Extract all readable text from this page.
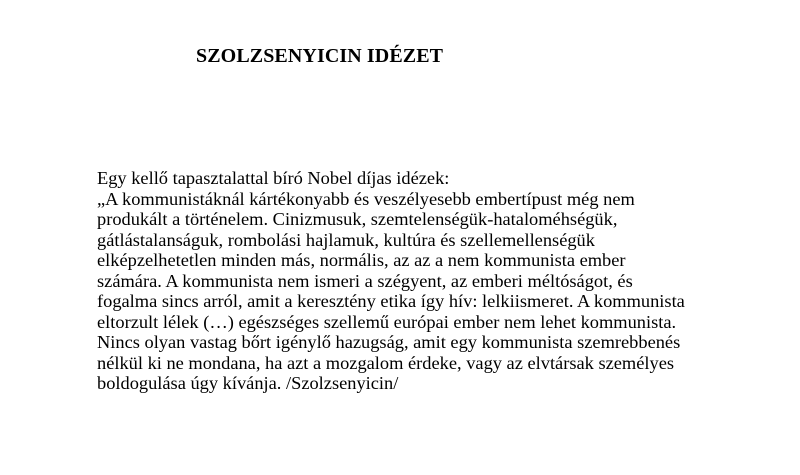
SZOLZSENYICIN IDÉZET
Egy kellő tapasztalattal bíró Nobel díjas idézek:
„A kommunistáknál kártékonyabb és veszélyesebb embertípust még nem
produkált a történelem. Cinizmusuk, szemtelenségük-hataloméhségük,
gátlástalanságuk, rombolási hajlamuk, kultúra és szellemellenségük
elképzelhetetlen minden más, normális, az az a nem kommunista ember
számára. A kommunista nem ismeri a szégyent, az emberi méltóságot, és
fogalma sincs arról, amit a keresztény etika így hív: lelkiismeret. A kommunista
eltorzult lélek (…) egészséges szellemű európai ember nem lehet kommunista.
Nincs olyan vastag bőrt igénylő hazugság, amit egy kommunista szemrebbenés
nélkül ki ne mondana, ha azt a mozgalom érdeke, vagy az elvtársak személyes
boldogulása úgy kívánja. /Szolzsenyicin/
